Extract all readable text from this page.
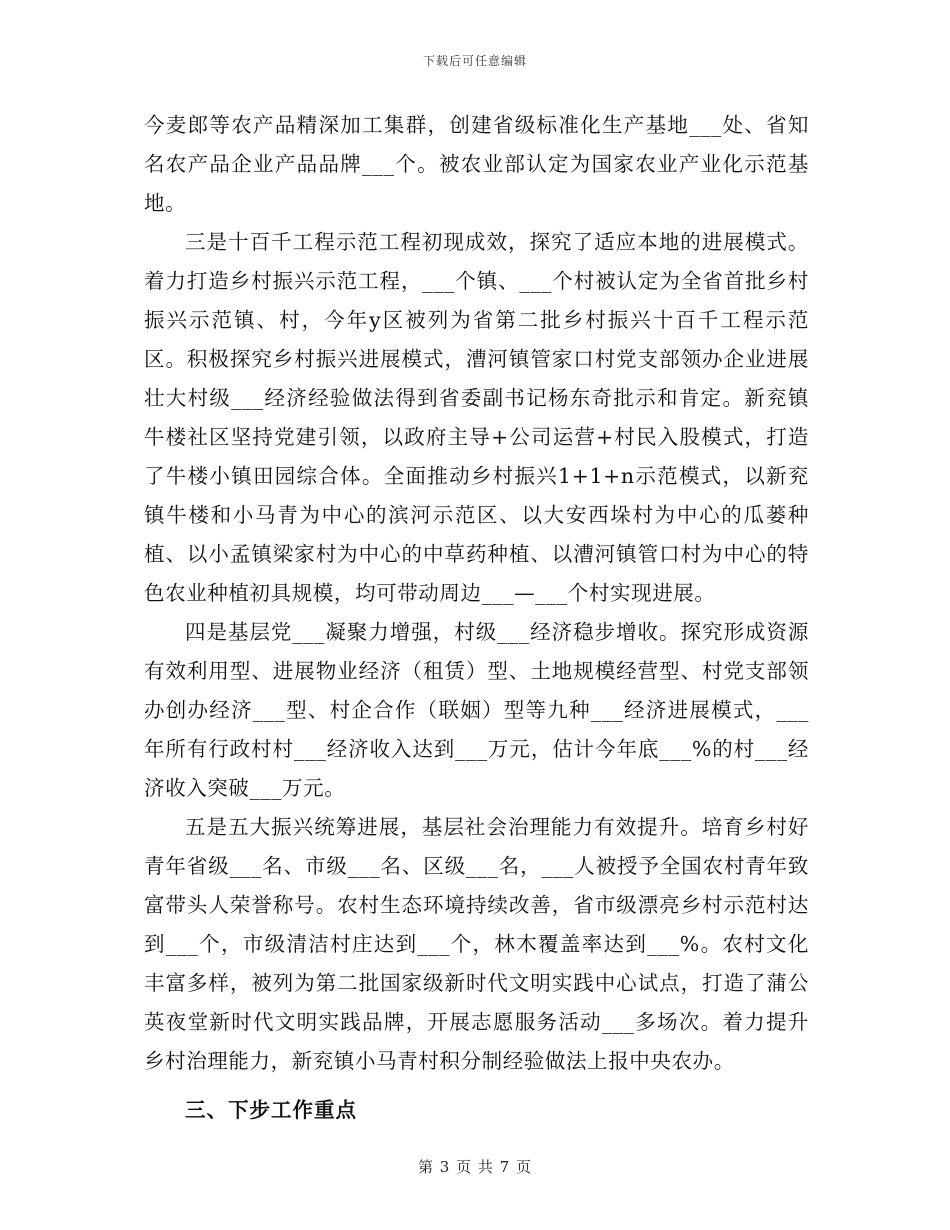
下载后可任意编辑

今麦郎等农产品精深加工集群，创建省级标准化生产基地___处、省知名农产品企业产品品牌___个。被农业部认定为国家农业产业化示范基地。

三是十百千工程示范工程初现成效，探究了适应本地的进展模式。着力打造乡村振兴示范工程，___个镇、___个村被认定为全省首批乡村振兴示范镇、村，今年y区被列为省第二批乡村振兴十百千工程示范区。积极探究乡村振兴进展模式，漕河镇管家口村党支部领办企业进展壮大村级___经济经验做法得到省委副书记杨东奇批示和肯定。新兖镇牛楼社区坚持党建引领，以政府主导+公司运营+村民入股模式，打造了牛楼小镇田园综合体。全面推动乡村振兴1+1+n示范模式，以新兖镇牛楼和小马青为中心的滨河示范区、以大安西垛村为中心的瓜蒌种植、以小孟镇梁家村为中心的中草药种植、以漕河镇管口村为中心的特色农业种植初具规模，均可带动周边___—___个村实现进展。

四是基层党___凝聚力增强，村级___经济稳步增收。探究形成资源有效利用型、进展物业经济（租赁）型、土地规模经营型、村党支部领办创办经济___型、村企合作（联姻）型等九种___经济进展模式，___年所有行政村村___经济收入达到___万元，估计今年底___%的村___经济收入突破___万元。

五是五大振兴统筹进展，基层社会治理能力有效提升。培育乡村好青年省级___名、市级___名、区级___名，___人被授予全国农村青年致富带头人荣誉称号。农村生态环境持续改善，省市级漂亮乡村示范村达到___个，市级清洁村庄达到___个，林木覆盖率达到___%。农村文化丰富多样，被列为第二批国家级新时代文明实践中心试点，打造了蒲公英夜堂新时代文明实践品牌，开展志愿服务活动___多场次。着力提升乡村治理能力，新兖镇小马青村积分制经验做法上报中央农办。

三、下步工作重点

第 3 页 共 7 页
